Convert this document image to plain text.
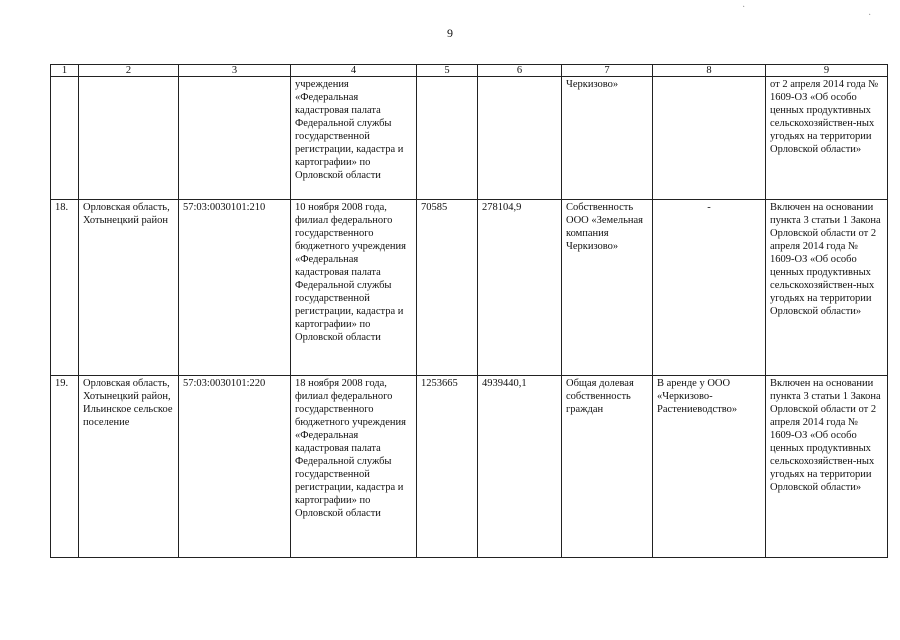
9
1	2	3	4	5	6	7	8	9
			учреждения «Федеральная кадастровая палата Федеральной службы государственной регистрации, кадастра и картографии» по Орловской области			Черкизово»		от 2 апреля 2014 года № 1609-ОЗ «Об особо ценных продуктивных сельскохозяйствен-ных угодьях на территории Орловской области»
18.	Орловская область, Хотынецкий район	57:03:0030101:210	10 ноября 2008 года, филиал федерального государственного бюджетного учреждения «Федеральная кадастровая палата Федеральной службы государственной регистрации, кадастра и картографии» по Орловской области	70585	278104,9	Собственность ООО «Земельная компания Черкизово»	-	Включен на основании пункта 3 статьи 1 Закона Орловской области от 2 апреля 2014 года № 1609-ОЗ «Об особо ценных продуктивных сельскохозяйствен-ных угодьях на территории Орловской области»
19.	Орловская область, Хотынецкий район, Ильинское сельское поселение	57:03:0030101:220	18 ноября 2008 года, филиал федерального государственного бюджетного учреждения «Федеральная кадастровая палата Федеральной службы государственной регистрации, кадастра и картографии» по Орловской области	1253665	4939440,1	Общая долевая собственность граждан	В аренде у ООО «Черкизово-Растениеводство»	Включен на основании пункта 3 статьи 1 Закона Орловской области от 2 апреля 2014 года № 1609-ОЗ «Об особо ценных продуктивных сельскохозяйствен-ных угодьях на территории Орловской области»
·
·
